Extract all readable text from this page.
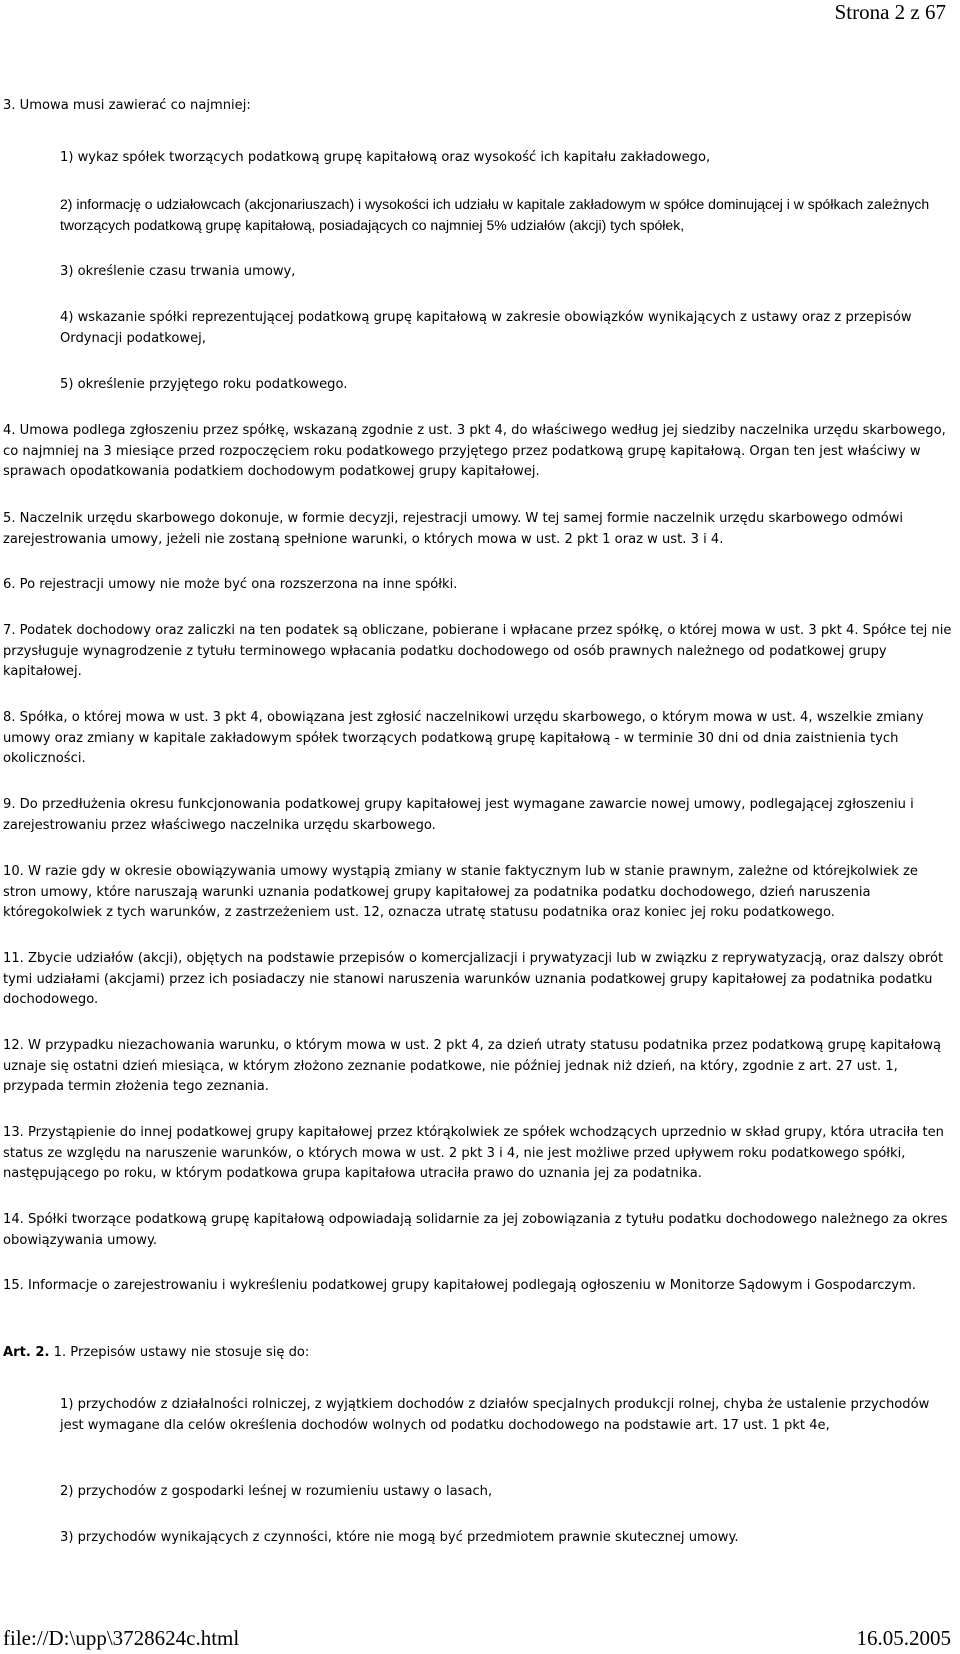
Strona 2 z 67

3. Umowa musi zawierać co najmniej:

1) wykaz spółek tworzących podatkową grupę kapitałową oraz wysokość ich kapitału zakładowego,

2) informację o udziałowcach (akcjonariuszach) i wysokości ich udziału w kapitale zakładowym w spółce dominującej i w spółkach zależnych tworzących podatkową grupę kapitałową, posiadających co najmniej 5% udziałów (akcji) tych spółek,

3) określenie czasu trwania umowy,

4) wskazanie spółki reprezentującej podatkową grupę kapitałową w zakresie obowiązków wynikających z ustawy oraz z przepisów Ordynacji podatkowej,

5) określenie przyjętego roku podatkowego.

4. Umowa podlega zgłoszeniu przez spółkę, wskazaną zgodnie z ust. 3 pkt 4, do właściwego według jej siedziby naczelnika urzędu skarbowego, co najmniej na 3 miesiące przed rozpoczęciem roku podatkowego przyjętego przez podatkową grupę kapitałową. Organ ten jest właściwy w sprawach opodatkowania podatkiem dochodowym podatkowej grupy kapitałowej.

5. Naczelnik urzędu skarbowego dokonuje, w formie decyzji, rejestracji umowy. W tej samej formie naczelnik urzędu skarbowego odmówi zarejestrowania umowy, jeżeli nie zostaną spełnione warunki, o których mowa w ust. 2 pkt 1 oraz w ust. 3 i 4.

6. Po rejestracji umowy nie może być ona rozszerzona na inne spółki.

7. Podatek dochodowy oraz zaliczki na ten podatek są obliczane, pobierane i wpłacane przez spółkę, o której mowa w ust. 3 pkt 4. Spółce tej nie przysługuje wynagrodzenie z tytułu terminowego wpłacania podatku dochodowego od osób prawnych należnego od podatkowej grupy kapitałowej.

8. Spółka, o której mowa w ust. 3 pkt 4, obowiązana jest zgłosić naczelnikowi urzędu skarbowego, o którym mowa w ust. 4, wszelkie zmiany umowy oraz zmiany w kapitale zakładowym spółek tworzących podatkową grupę kapitałową - w terminie 30 dni od dnia zaistnienia tych okoliczności.

9. Do przedłużenia okresu funkcjonowania podatkowej grupy kapitałowej jest wymagane zawarcie nowej umowy, podlegającej zgłoszeniu i zarejestrowaniu przez właściwego naczelnika urzędu skarbowego.

10. W razie gdy w okresie obowiązywania umowy wystąpią zmiany w stanie faktycznym lub w stanie prawnym, zależne od którejkolwiek ze stron umowy, które naruszają warunki uznania podatkowej grupy kapitałowej za podatnika podatku dochodowego, dzień naruszenia któregokolwiek z tych warunków, z zastrzeżeniem ust. 12, oznacza utratę statusu podatnika oraz koniec jej roku podatkowego.

11. Zbycie udziałów (akcji), objętych na podstawie przepisów o komercjalizacji i prywatyzacji lub w związku z reprywatyzacją, oraz dalszy obrót tymi udziałami (akcjami) przez ich posiadaczy nie stanowi naruszenia warunków uznania podatkowej grupy kapitałowej za podatnika podatku dochodowego.

12. W przypadku niezachowania warunku, o którym mowa w ust. 2 pkt 4, za dzień utraty statusu podatnika przez podatkową grupę kapitałową uznaje się ostatni dzień miesiąca, w którym złożono zeznanie podatkowe, nie później jednak niż dzień, na który, zgodnie z art. 27 ust. 1, przypada termin złożenia tego zeznania.

13. Przystąpienie do innej podatkowej grupy kapitałowej przez którąkolwiek ze spółek wchodzących uprzednio w skład grupy, która utraciła ten status ze względu na naruszenie warunków, o których mowa w ust. 2 pkt 3 i 4, nie jest możliwe przed upływem roku podatkowego spółki, następującego po roku, w którym podatkowa grupa kapitałowa utraciła prawo do uznania jej za podatnika.

14. Spółki tworzące podatkową grupę kapitałową odpowiadają solidarnie za jej zobowiązania z tytułu podatku dochodowego należnego za okres obowiązywania umowy.

15. Informacje o zarejestrowaniu i wykreśleniu podatkowej grupy kapitałowej podlegają ogłoszeniu w Monitorze Sądowym i Gospodarczym.

Art. 2. 1. Przepisów ustawy nie stosuje się do:

1) przychodów z działalności rolniczej, z wyjątkiem dochodów z działów specjalnych produkcji rolnej, chyba że ustalenie przychodów jest wymagane dla celów określenia dochodów wolnych od podatku dochodowego na podstawie art. 17 ust. 1 pkt 4e,

2) przychodów z gospodarki leśnej w rozumieniu ustawy o lasach,

3) przychodów wynikających z czynności, które nie mogą być przedmiotem prawnie skutecznej umowy.

file://D:\upp\3728624c.html	16.05.2005
